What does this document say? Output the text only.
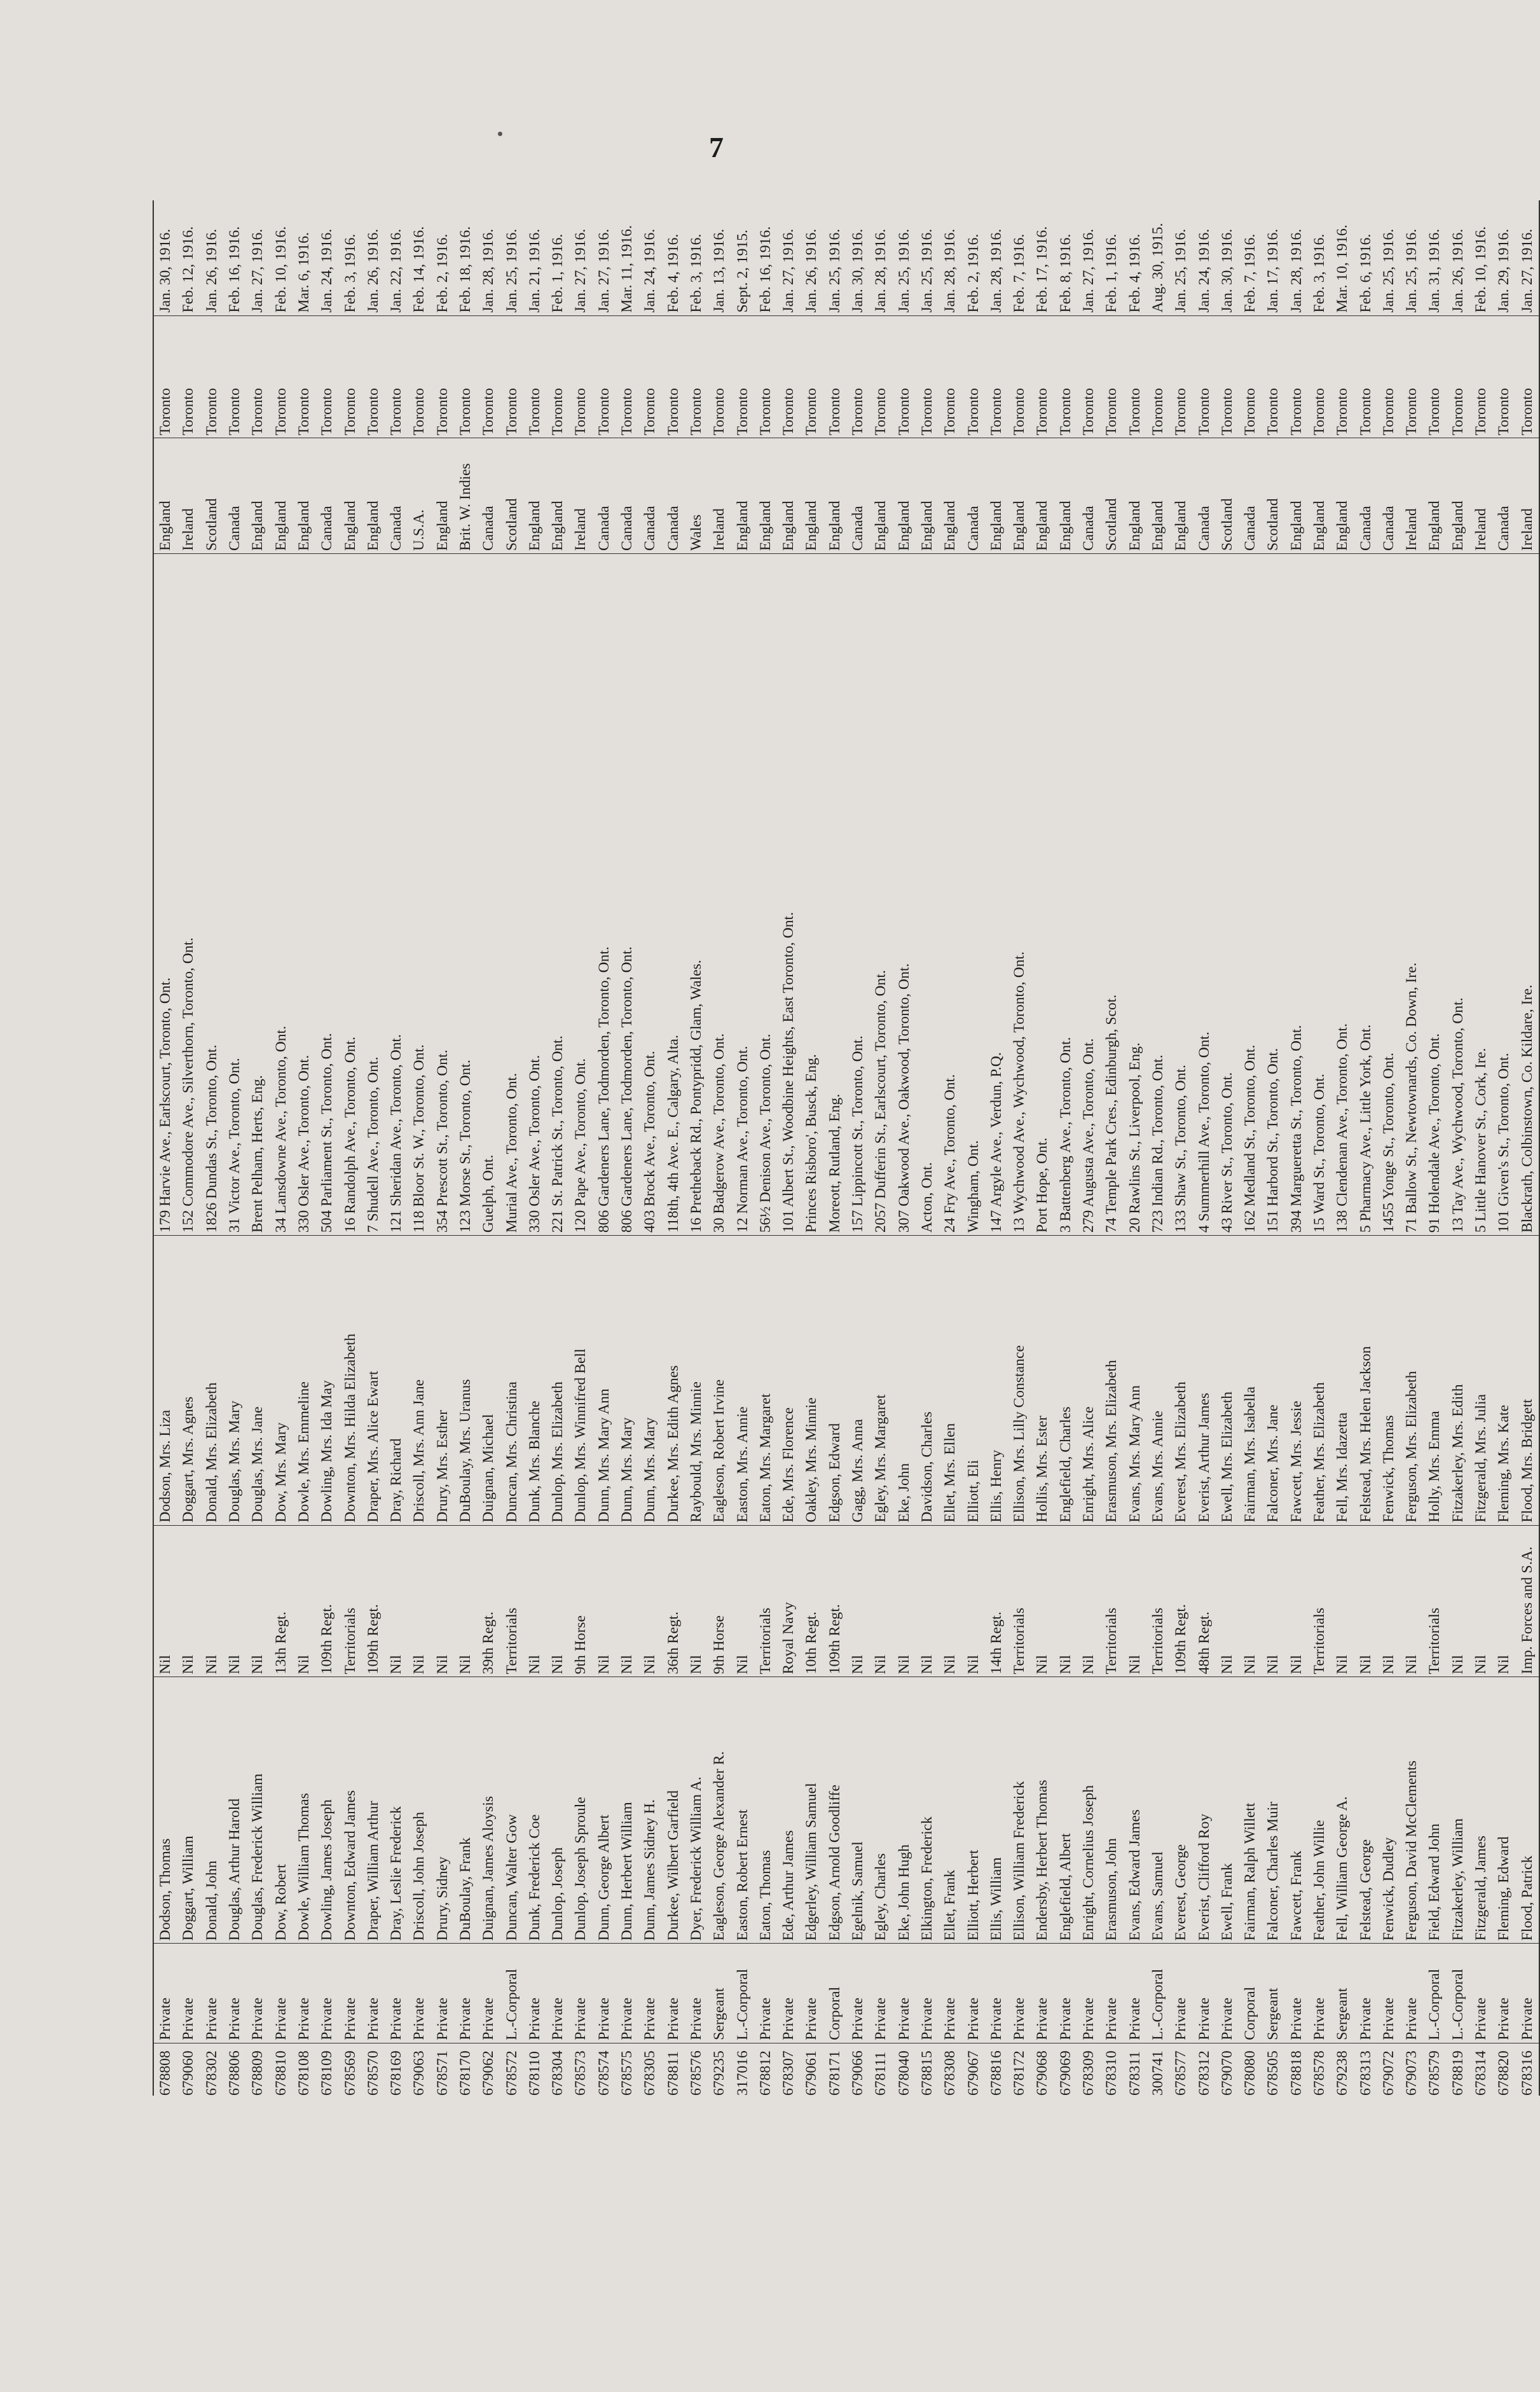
7
678808	Private	Dodson, Thomas	Nil	Dodson, Mrs. Liza	179 Harvie Ave., Earlscourt, Toronto, Ont.	England	Toronto	Jan. 30, 1916.

679060	Private	Doggart, William	Nil	Doggart, Mrs. Agnes	152 Commodore Ave., Silverthorn, Toronto, Ont.	Ireland	Toronto	Feb. 12, 1916.

678302	Private	Donald, John	Nil	Donald, Mrs. Elizabeth	1826 Dundas St., Toronto, Ont.	Scotland	Toronto	Jan. 26, 1916.

678806	Private	Douglas, Arthur Harold	Nil	Douglas, Mrs. Mary	31 Victor Ave., Toronto, Ont.	Canada	Toronto	Feb. 16, 1916.

678809	Private	Douglas, Frederick William	Nil	Douglas, Mrs. Jane	Brent Pelham, Herts, Eng.	England	Toronto	Jan. 27, 1916.

678810	Private	Dow, Robert	13th Regt.	Dow, Mrs. Mary	34 Lansdowne Ave., Toronto, Ont.	England	Toronto	Feb. 10, 1916.

678108	Private	Dowle, William Thomas	Nil	Dowle, Mrs. Emmeline	330 Osler Ave., Toronto, Ont.	England	Toronto	Mar. 6, 1916.

678109	Private	Dowling, James Joseph	109th Regt.	Dowling, Mrs. Ida May	504 Parliament St., Toronto, Ont.	Canada	Toronto	Jan. 24, 1916.

678569	Private	Downton, Edward James	Territorials	Downton, Mrs. Hilda Elizabeth	16 Randolph Ave., Toronto, Ont.	England	Toronto	Feb. 3, 1916.

678570	Private	Draper, William Arthur	109th Regt.	Draper, Mrs. Alice Ewart	7 Shudell Ave., Toronto, Ont.	England	Toronto	Jan. 26, 1916.

678169	Private	Dray, Leslie Frederick	Nil	Dray, Richard	121 Sheridan Ave., Toronto, Ont.	Canada	Toronto	Jan. 22, 1916.

679063	Private	Driscoll, John Joseph	Nil	Driscoll, Mrs. Ann Jane	118 Bloor St. W., Toronto, Ont.	U.S.A.	Toronto	Feb. 14, 1916.

678571	Private	Drury, Sidney	Nil	Drury, Mrs. Esther	354 Prescott St., Toronto, Ont.	England	Toronto	Feb. 2, 1916.

678170	Private	DuBoulay, Frank	Nil	DuBoulay, Mrs. Uranus	123 Morse St., Toronto, Ont.	Brit. W. Indies	Toronto	Feb. 18, 1916.

679062	Private	Duignan, James Aloysis	39th Regt.	Duignan, Michael	Guelph, Ont.	Canada	Toronto	Jan. 28, 1916.

678572	L.-Corporal	Duncan, Walter Gow	Territorials	Duncan, Mrs. Christina	Murial Ave., Toronto, Ont.	Scotland	Toronto	Jan. 25, 1916.

678110	Private	Dunk, Frederick Coe	Nil	Dunk, Mrs. Blanche	330 Osler Ave., Toronto, Ont.	England	Toronto	Jan. 21, 1916.

678304	Private	Dunlop, Joseph	Nil	Dunlop, Mrs. Elizabeth	221 St. Patrick St., Toronto, Ont.	England	Toronto	Feb. 1, 1916.

678573	Private	Dunlop, Joseph Sproule	9th Horse	Dunlop, Mrs. Winnifred Bell	120 Pape Ave., Toronto, Ont.	Ireland	Toronto	Jan. 27, 1916.

678574	Private	Dunn, George Albert	Nil	Dunn, Mrs. Mary Ann	806 Gardeners Lane, Todmorden, Toronto, Ont.	Canada	Toronto	Jan. 27, 1916.

678575	Private	Dunn, Herbert William	Nil	Dunn, Mrs. Mary	806 Gardeners Lane, Todmorden, Toronto, Ont.	Canada	Toronto	Mar. 11, 1916.

678305	Private	Dunn, James Sidney H.	Nil	Dunn, Mrs. Mary	403 Brock Ave., Toronto, Ont.	Canada	Toronto	Jan. 24, 1916.

678811	Private	Durkee, Wilbert Garfield	36th Regt.	Durkee, Mrs. Edith Agnes	118th, 4th Ave. E., Calgary, Alta.	Canada	Toronto	Feb. 4, 1916.

678576	Private	Dyer, Frederick William A.	Nil	Raybould, Mrs. Minnie	16 Pretheback Rd., Pontypridd, Glam, Wales.	Wales	Toronto	Feb. 3, 1916.

679235	Sergeant	Eagleson, George Alexander R.	9th Horse	Eagleson, Robert Irvine	30 Badgerow Ave., Toronto, Ont.	Ireland	Toronto	Jan. 13, 1916.

317016	L.-Corporal	Easton, Robert Ernest	Nil	Easton, Mrs. Annie	12 Norman Ave., Toronto, Ont.	England	Toronto	Sept. 2, 1915.

678812	Private	Eaton, Thomas	Territorials	Eaton, Mrs. Margaret	56½ Denison Ave., Toronto, Ont.	England	Toronto	Feb. 16, 1916.

678307	Private	Ede, Arthur James	Royal Navy	Ede, Mrs. Florence	101 Albert St., Woodbine Heights, East Toronto, Ont.	England	Toronto	Jan. 27, 1916.

679061	Private	Edgerley, William Samuel	10th Regt.	Oakley, Mrs. Minnie	Princes Risboro', Busck, Eng.	England	Toronto	Jan. 26, 1916.

678171	Corporal	Edgson, Arnold Goodliffe	109th Regt.	Edgson, Edward	Moreott, Rutland, Eng.	England	Toronto	Jan. 25, 1916.

679066	Private	Egelnik, Samuel	Nil	Gagg, Mrs. Anna	157 Lippincott St., Toronto, Ont.	Canada	Toronto	Jan. 30, 1916.

678111	Private	Egley, Charles	Nil	Egley, Mrs. Margaret	2057 Dufferin St., Earlscourt, Toronto, Ont.	England	Toronto	Jan. 28, 1916.

678040	Private	Eke, John Hugh	Nil	Eke, John	307 Oakwood Ave., Oakwood, Toronto, Ont.	England	Toronto	Jan. 25, 1916.

678815	Private	Elkington, Frederick	Nil	Davidson, Charles	Acton, Ont.	England	Toronto	Jan. 25, 1916.

678308	Private	Ellet, Frank	Nil	Ellet, Mrs. Ellen	24 Fry Ave., Toronto, Ont.	England	Toronto	Jan. 28, 1916.

679067	Private	Elliott, Herbert	Nil	Elliott, Eli	Wingham, Ont.	Canada	Toronto	Feb. 2, 1916.

678816	Private	Ellis, William	14th Regt.	Ellis, Henry	147 Argyle Ave., Verdun, P.Q.	England	Toronto	Jan. 28, 1916.

678172	Private	Ellison, William Frederick	Territorials	Ellison, Mrs. Lilly Constance	13 Wychwood Ave., Wychwood, Toronto, Ont.	England	Toronto	Feb. 7, 1916.

679068	Private	Endersby, Herbert Thomas	Nil	Hollis, Mrs. Ester	Port Hope, Ont.	England	Toronto	Feb. 17, 1916.

679069	Private	Englefield, Albert	Nil	Englefield, Charles	3 Battenberg Ave., Toronto, Ont.	England	Toronto	Feb. 8, 1916.

678309	Private	Enright, Cornelius Joseph	Nil	Enright, Mrs. Alice	279 Augusta Ave., Toronto, Ont.	Canada	Toronto	Jan. 27, 1916.

678310	Private	Erasmuson, John	Territorials	Erasmuson, Mrs. Elizabeth	74 Temple Park Cres., Edinburgh, Scot.	Scotland	Toronto	Feb. 1, 1916.

678311	Private	Evans, Edward James	Nil	Evans, Mrs. Mary Ann	20 Rawlins St., Liverpool, Eng.	England	Toronto	Feb. 4, 1916.

300741	L.-Corporal	Evans, Samuel	Territorials	Evans, Mrs. Annie	723 Indian Rd., Toronto, Ont.	England	Toronto	Aug. 30, 1915.

678577	Private	Everest, George	109th Regt.	Everest, Mrs. Elizabeth	133 Shaw St., Toronto, Ont.	England	Toronto	Jan. 25, 1916.

678312	Private	Everist, Clifford Roy	48th Regt.	Everist, Arthur James	4 Summerhill Ave., Toronto, Ont.	Canada	Toronto	Jan. 24, 1916.

679070	Private	Ewell, Frank	Nil	Ewell, Mrs. Elizabeth	43 River St., Toronto, Ont.	Scotland	Toronto	Jan. 30, 1916.

678080	Corporal	Fairman, Ralph Willett	Nil	Fairman, Mrs. Isabella	162 Medland St., Toronto, Ont.	Canada	Toronto	Feb. 7, 1916.

678505	Sergeant	Falconer, Charles Muir	Nil	Falconer, Mrs. Jane	151 Harbord St., Toronto, Ont.	Scotland	Toronto	Jan. 17, 1916.

678818	Private	Fawcett, Frank	Nil	Fawcett, Mrs. Jessie	394 Margueretta St., Toronto, Ont.	England	Toronto	Jan. 28, 1916.

678578	Private	Feather, John Willie	Territorials	Feather, Mrs. Elizabeth	15 Ward St., Toronto, Ont.	England	Toronto	Feb. 3, 1916.

679238	Sergeant	Fell, William George A.	Nil	Fell, Mrs. Idazetta	138 Clendenan Ave., Toronto, Ont.	England	Toronto	Mar. 10, 1916.

678313	Private	Felstead, George	Nil	Felstead, Mrs. Helen Jackson	5 Pharmacy Ave., Little York, Ont.	Canada	Toronto	Feb. 6, 1916.

679072	Private	Fenwick, Dudley	Nil	Fenwick, Thomas	1455 Yonge St., Toronto, Ont.	Canada	Toronto	Jan. 25, 1916.

679073	Private	Ferguson, David McClements	Nil	Ferguson, Mrs. Elizabeth	71 Ballow St., Newtownards, Co. Down, Ire.	Ireland	Toronto	Jan. 25, 1916.

678579	L.-Corporal	Field, Edward John	Territorials	Holly, Mrs. Emma	91 Holendale Ave., Toronto, Ont.	England	Toronto	Jan. 31, 1916.

678819	L.-Corporal	Fitzakerley, William	Nil	Fitzakerley, Mrs. Edith	13 Tay Ave., Wychwood, Toronto, Ont.	England	Toronto	Jan. 26, 1916.

678314	Private	Fitzgerald, James	Nil	Fitzgerald, Mrs. Julia	5 Little Hanover St., Cork, Ire.	Ireland	Toronto	Feb. 10, 1916.

678820	Private	Fleming, Edward	Nil	Fleming, Mrs. Kate	101 Given's St., Toronto, Ont.	Canada	Toronto	Jan. 29, 1916.

678316	Private	Flood, Patrick	Imp. Forces and S.A.	Flood, Mrs. Bridgett	Blackrath, Colbinstown, Co. Kildare, Ire.	Ireland	Toronto	Jan. 27, 1916.
